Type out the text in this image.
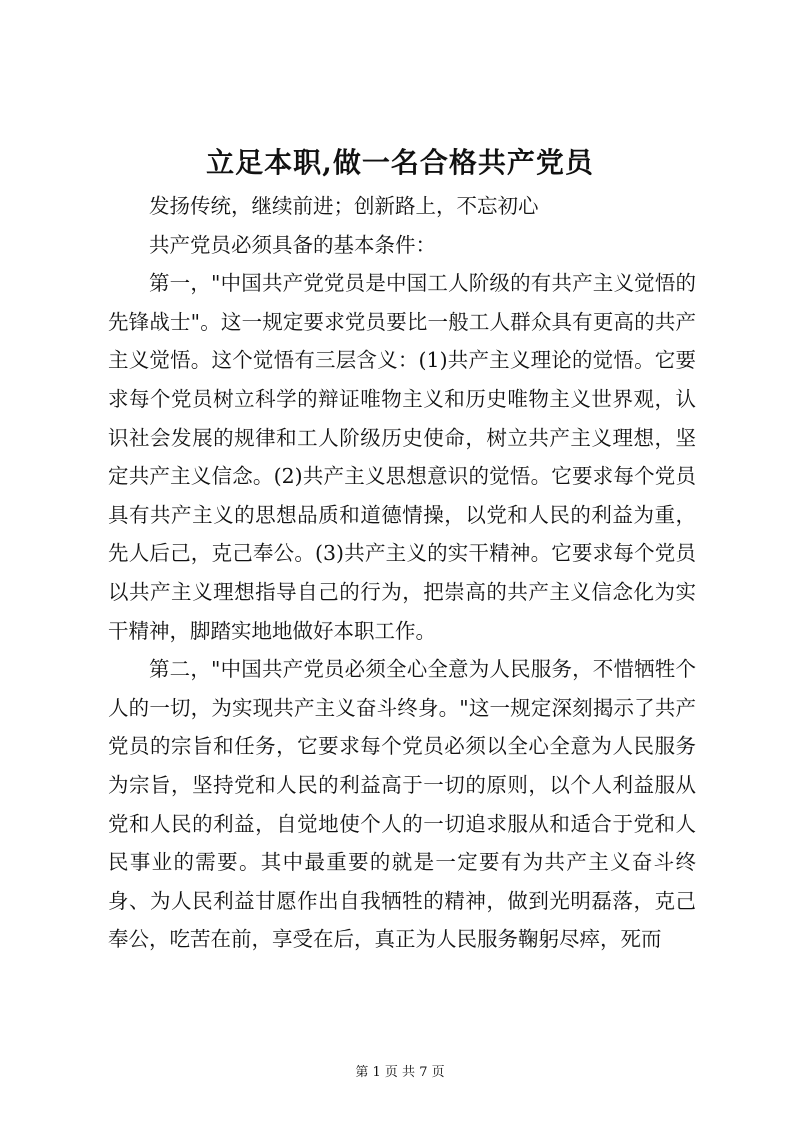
立足本职,做一名合格共产党员

发扬传统，继续前进；创新路上，不忘初心

共产党员必须具备的基本条件：

第一，"中国共产党党员是中国工人阶级的有共产主义觉悟的先锋战士"。这一规定要求党员要比一般工人群众具有更高的共产主义觉悟。这个觉悟有三层含义：(1)共产主义理论的觉悟。它要求每个党员树立科学的辩证唯物主义和历史唯物主义世界观，认识社会发展的规律和工人阶级历史使命，树立共产主义理想，坚定共产主义信念。(2)共产主义思想意识的觉悟。它要求每个党员具有共产主义的思想品质和道德情操，以党和人民的利益为重，先人后己，克己奉公。(3)共产主义的实干精神。它要求每个党员以共产主义理想指导自己的行为，把崇高的共产主义信念化为实干精神，脚踏实地地做好本职工作。

第二，"中国共产党员必须全心全意为人民服务，不惜牺牲个人的一切，为实现共产主义奋斗终身。"这一规定深刻揭示了共产党员的宗旨和任务，它要求每个党员必须以全心全意为人民服务为宗旨，坚持党和人民的利益高于一切的原则，以个人利益服从党和人民的利益，自觉地使个人的一切追求服从和适合于党和人民事业的需要。其中最重要的就是一定要有为共产主义奋斗终身、为人民利益甘愿作出自我牺牲的精神，做到光明磊落，克己奉公，吃苦在前，享受在后，真正为人民服务鞠躬尽瘁，死而

第 1 页 共 7 页
